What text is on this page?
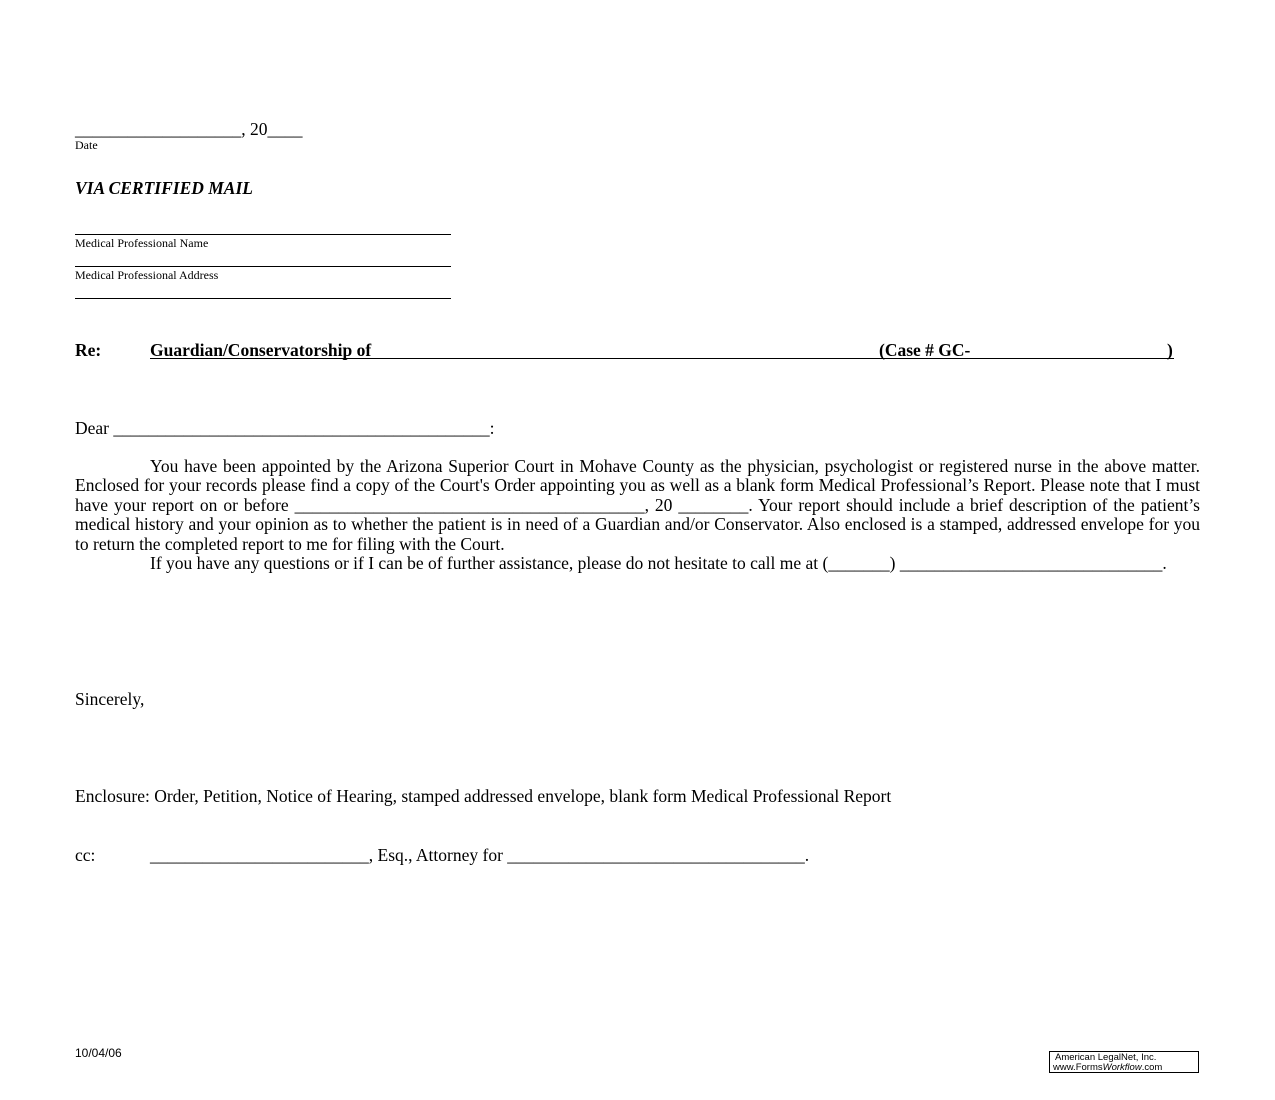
___________________, 20____
Date
VIA CERTIFIED MAIL
Medical Professional Name
Medical Professional Address
Re:	Guardian/Conservatorship of	(Case # GC-	)
Dear ___________________________________________:

You have been appointed by the Arizona Superior Court in Mohave County as the physician, psychologist or registered nurse in the above matter. Enclosed for your records please find a copy of the Court's Order appointing you as well as a blank form Medical Professional’s Report. Please note that I must have your report on or before ________________________________________, 20 ________. Your report should include a brief description of the patient’s medical history and your opinion as to whether the patient is in need of a Guardian and/or Conservator. Also enclosed is a stamped, addressed envelope for you to return the completed report to me for filing with the Court.

If you have any questions or if I can be of further assistance, please do not hesitate to call me at (_______) ______________________________.

Sincerely,
Enclosure: Order, Petition, Notice of Hearing, stamped addressed envelope, blank form Medical Professional Report
cc:	_________________________, Esq., Attorney for __________________________________.
10/04/06	American LegalNet, Inc.
www.FormsWorkflow.com
